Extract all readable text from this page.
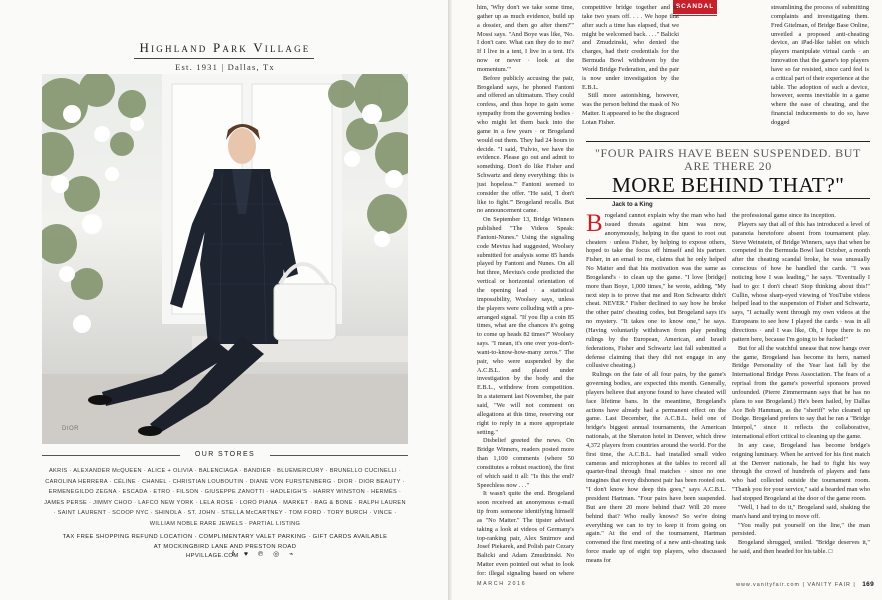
Highland Park Village
Est. 1931 | Dallas, Tx
DIOR
OUR STORES
AKRIS · ALEXANDER McQUEEN · ALICE + OLIVIA · BALENCIAGA · BANDIER · BLUEMERCURY · BRUNELLO CUCINELLI · CAROLINA HERRERA · CÉLINE · CHANEL · CHRISTIAN LOUBOUTIN · DIANE VON FURSTENBERG · DIOR · DIOR BEAUTY · ERMENEGILDO ZEGNA · ESCADA · ETRO · FILSON · GIUSEPPE ZANOTTI · HADLEIGH'S · HARRY WINSTON · HERMÈS · JAMES PERSE · JIMMY CHOO · LAFCO NEW YORK · LELA ROSE · LORO PIANA · MARKET · RAG & BONE · RALPH LAUREN · SAINT LAURENT · SCOOP NYC · SHINOLA · ST. JOHN · STELLA McCARTNEY · TOM FORD · TORY BURCH · VINCE · WILLIAM NOBLE RARE JEWELS · PARTIAL LISTING
TAX FREE SHOPPING REFUND LOCATION · COMPLIMENTARY VALET PARKING · GIFT CARDS AVAILABLE
AT MOCKINGBIRD LANE AND PRESTON ROAD
HPVILLAGE.COM
f ♥ ℗ ◎ ⌁
SCANDAL

him, 'Why don't we take some time, gather up as much evidence, build up a dossier, and then go after them?'" Mossi says. "And Boye was like, 'No. I don't care. What can they do to me? If I live in a tent, I live in a tent. It's now or never · look at the momentum.'"

Before publicly accusing the pair, Brogeland says, he phoned Fantoni and offered an ultimatum. They could confess, and thus hope to gain some sympathy from the governing bodies · who might let them back into the game in a few years · or Brogeland would out them. They had 24 hours to decide. "I said, 'Fulvio, we have the evidence. Please go out and admit to something. Don't do like Fisher and Schwartz and deny everything: this is just hopeless.'" Fantoni seemed to consider the offer. "He said, 'I don't like to fight.'" Brogeland recalls. But no announcement came.

On September 13, Bridge Winners published "The Videos Speak: Fantoni-Nunes." Using the signaling code Mevius had suggested, Woolsey submitted for analysis some 85 hands played by Fantoni and Nunes. On all but three, Mevius's code predicted the vertical or horizontal orientation of the opening lead · a statistical impossibility, Woolsey says, unless the players were colluding with a pre-arranged signal. "If you flip a coin 85 times, what are the chances it's going to come up heads 82 times?" Woolsey says. "I mean, it's one over you-don't-want-to-know-how-many zeros." The pair, who were suspended by the A.C.B.L. and placed under investigation by the body and the E.B.L., withdrew from competition. In a statement last November, the pair said, "We will not comment on allegations at this time, reserving our right to reply in a more appropriate setting."

Disbelief greeted the news. On Bridge Winners, readers posted more than 1,100 comments (where 50 constitutes a robust reaction), the first of which said it all: "Is this the end? Speechless now . . ."

It wasn't quite the end. Brogeland soon received an anonymous e-mail tip from someone identifying himself as "No Matter." The tipster advised taking a look at videos of Germany's top-ranking pair, Alex Smirnov and Josef Piekarek, and Polish pair Cezary Balicki and Adam Zmudzinski. No Matter even pointed out what to look for: illegal signaling based on where

competitive bridge together and to take two years off. . . . We hope that after such a time has elapsed, that we might be welcomed back. . . ." Balicki and Zmudzinski, who denied the charges, had their credentials for the Bermuda Bowl withdrawn by the World Bridge Federation, and the pair is now under investigation by the E.B.L.

Still more astonishing, however, was the person behind the mask of No Matter. It appeared to be the disgraced Lotan Fisher.

streamlining the process of submitting complaints and investigating them. Fred Gitelman, of Bridge Base Online, unveiled a proposed anti-cheating device, an iPad-like tablet on which players manipulate virtual cards · an innovation that the game's top players have so far resisted, since card feel is a critical part of their experience at the table. The adoption of such a device, however, seems inevitable in a game where the ease of cheating, and the financial inducements to do so, have dogged

"FOUR PAIRS HAVE BEEN SUSPENDED. BUT ARE THERE 20
MORE BEHIND THAT?"
Jack to a King

Brogeland cannot explain why the man who had issued threats against him was now, anonymously, helping in the quest to root out cheaters · unless Fisher, by helping to expose others, hoped to take the focus off himself and his partner. Fisher, in an email to me, claims that he only helped No Matter and that his motivation was the same as Brogeland's · to clean up the game. "I love [bridge] more than Boye, 1,000 times," he wrote, adding, "My next step is to prove that me and Ron Schwartz didn't cheat. NEVER." Fisher declined to say how he broke the other pairs' cheating codes, but Brogeland says it's no mystery. "It takes one to know one," he says. (Having voluntarily withdrawn from play pending rulings by the European, American, and Israeli federations, Fisher and Schwartz last fall submitted a defense claiming that they did not engage in any collusive cheating.)

Rulings on the fate of all four pairs, by the game's governing bodies, are expected this month. Generally, players believe that anyone found to have cheated will face lifetime bans. In the meantime, Brogeland's actions have already had a permanent effect on the game. Last December, the A.C.B.L. held one of bridge's biggest annual tournaments, the American nationals, at the Sheraton hotel in Denver, which drew 4,372 players from countries around the world. For the first time, the A.C.B.L. had installed small video cameras and microphones at the tables to record all quarter-final through final matches · since no one imagines that every dishonest pair has been rooted out. "I don't know how deep this goes," says A.C.B.L. president Hartman. "Four pairs have been suspended. But are there 20 more behind that? Will 20 more behind that? Who really knows? So we're doing everything we can to try to keep it from going on again." At the end of the tournament, Hartman convened the first meeting of a new anti-cheating task force made up of eight top players, who discussed means for

the professional game since its inception.

Players say that all of this has introduced a level of paranoia heretofore absent from tournament play. Steve Weinstein, of Bridge Winners, says that when he competed in the Bermuda Bowl last October, a month after the cheating scandal broke, he was unusually conscious of how he handled the cards. "I was noticing how I was leading," he says. "Eventually I had to go: I don't cheat! Stop thinking about this!" Cullin, whose sharp-eyed viewing of YouTube videos helped lead to the suspension of Fisher and Schwartz, says, "I actually went through my own videos at the Europeans to see how I played the cards · was in all directions · and I was like, Oh, I hope there is no pattern here, because I'm going to be fucked!"

But for all the watchful unease that now hangs over the game, Brogeland has become its hero, named Bridge Personality of the Year last fall by the International Bridge Press Association. The fears of a reprisal from the game's powerful sponsors proved unfounded. (Pierre Zimmermann says that he has no plans to sue Brogeland.) He's been hailed, by Dallas Ace Bob Hamman, as the "sheriff" who cleaned up Dodge. Brogeland prefers to say that he ran a "Bridge Interpol," since it reflects the collaborative, international effort critical to cleaning up the game.

In any case, Brogeland has become bridge's reigning luminary. When he arrived for his first match at the Denver nationals, he had to fight his way through the crowd of hundreds of players and fans who had collected outside the tournament room. "Thank you for your service," said a bearded man who had stopped Brogeland at the door of the game room.

"Well, I had to do it," Brogeland said, shaking the man's hand and trying to move off.

"You really put yourself on the line," the man persisted.

Brogeland shrugged, smiled. "Bridge deserves it," he said, and then headed for his table. □

MARCH 2016	www.vanityfair.com | VANITY FAIR | 169
